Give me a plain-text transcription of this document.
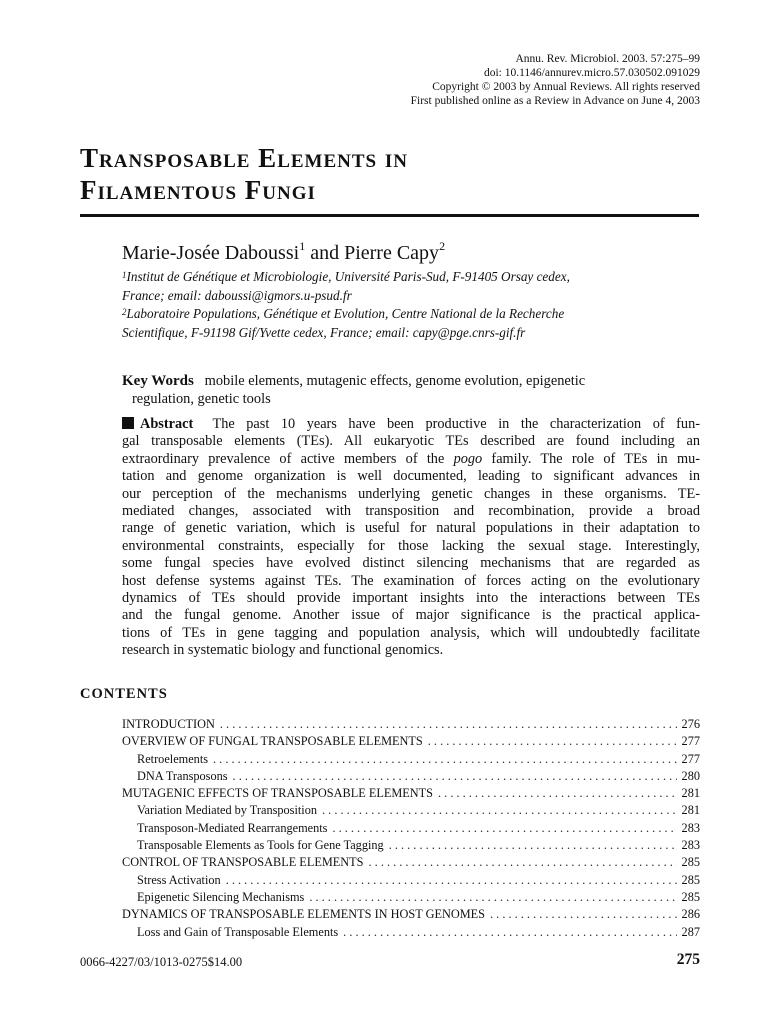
Annu. Rev. Microbiol. 2003. 57:275–99
doi: 10.1146/annurev.micro.57.030502.091029
Copyright © 2003 by Annual Reviews. All rights reserved
First published online as a Review in Advance on June 4, 2003
Transposable Elements in
Filamentous Fungi
Marie-Josée Daboussi$^1$ and Pierre Capy$^2$
$^1$Institut de Génétique et Microbiologie, Université Paris-Sud, F-91405 Orsay cedex,
France; email: daboussi@igmors.u-psud.fr
$^2$Laboratoire Populations, Génétique et Evolution, Centre National de la Recherche
Scientifique, F-91198 Gif/Yvette cedex, France; email: capy@pge.cnrs-gif.fr
Key Words mobile elements, mutagenic effects, genome evolution, epigenetic
regulation, genetic tools
Abstract The past 10 years have been productive in the characterization of fun-
gal transposable elements (TEs). All eukaryotic TEs described are found including an
extraordinary prevalence of active members of the pogo family. The role of TEs in mu-
tation and genome organization is well documented, leading to significant advances in
our perception of the mechanisms underlying genetic changes in these organisms. TE-
mediated changes, associated with transposition and recombination, provide a broad
range of genetic variation, which is useful for natural populations in their adaptation to
environmental constraints, especially for those lacking the sexual stage. Interestingly,
some fungal species have evolved distinct silencing mechanisms that are regarded as
host defense systems against TEs. The examination of forces acting on the evolutionary
dynamics of TEs should provide important insights into the interactions between TEs
and the fungal genome. Another issue of major significance is the practical applica-
tions of TEs in gene tagging and population analysis, which will undoubtedly facilitate
research in systematic biology and functional genomics.
CONTENTS
INTRODUCTION . . .	276
OVERVIEW OF FUNGAL TRANSPOSABLE ELEMENTS . . .	277
Retroelements . . .	277
DNA Transposons . . .	280
MUTAGENIC EFFECTS OF TRANSPOSABLE ELEMENTS . . .	281
Variation Mediated by Transposition . . .	281
Transposon-Mediated Rearrangements . . .	283
Transposable Elements as Tools for Gene Tagging . . .	283
CONTROL OF TRANSPOSABLE ELEMENTS . . .	285
Stress Activation . . .	285
Epigenetic Silencing Mechanisms . . .	285
DYNAMICS OF TRANSPOSABLE ELEMENTS IN HOST GENOMES . . .	286
Loss and Gain of Transposable Elements . . .	287
0066-4227/03/1013-0275$14.00	275
